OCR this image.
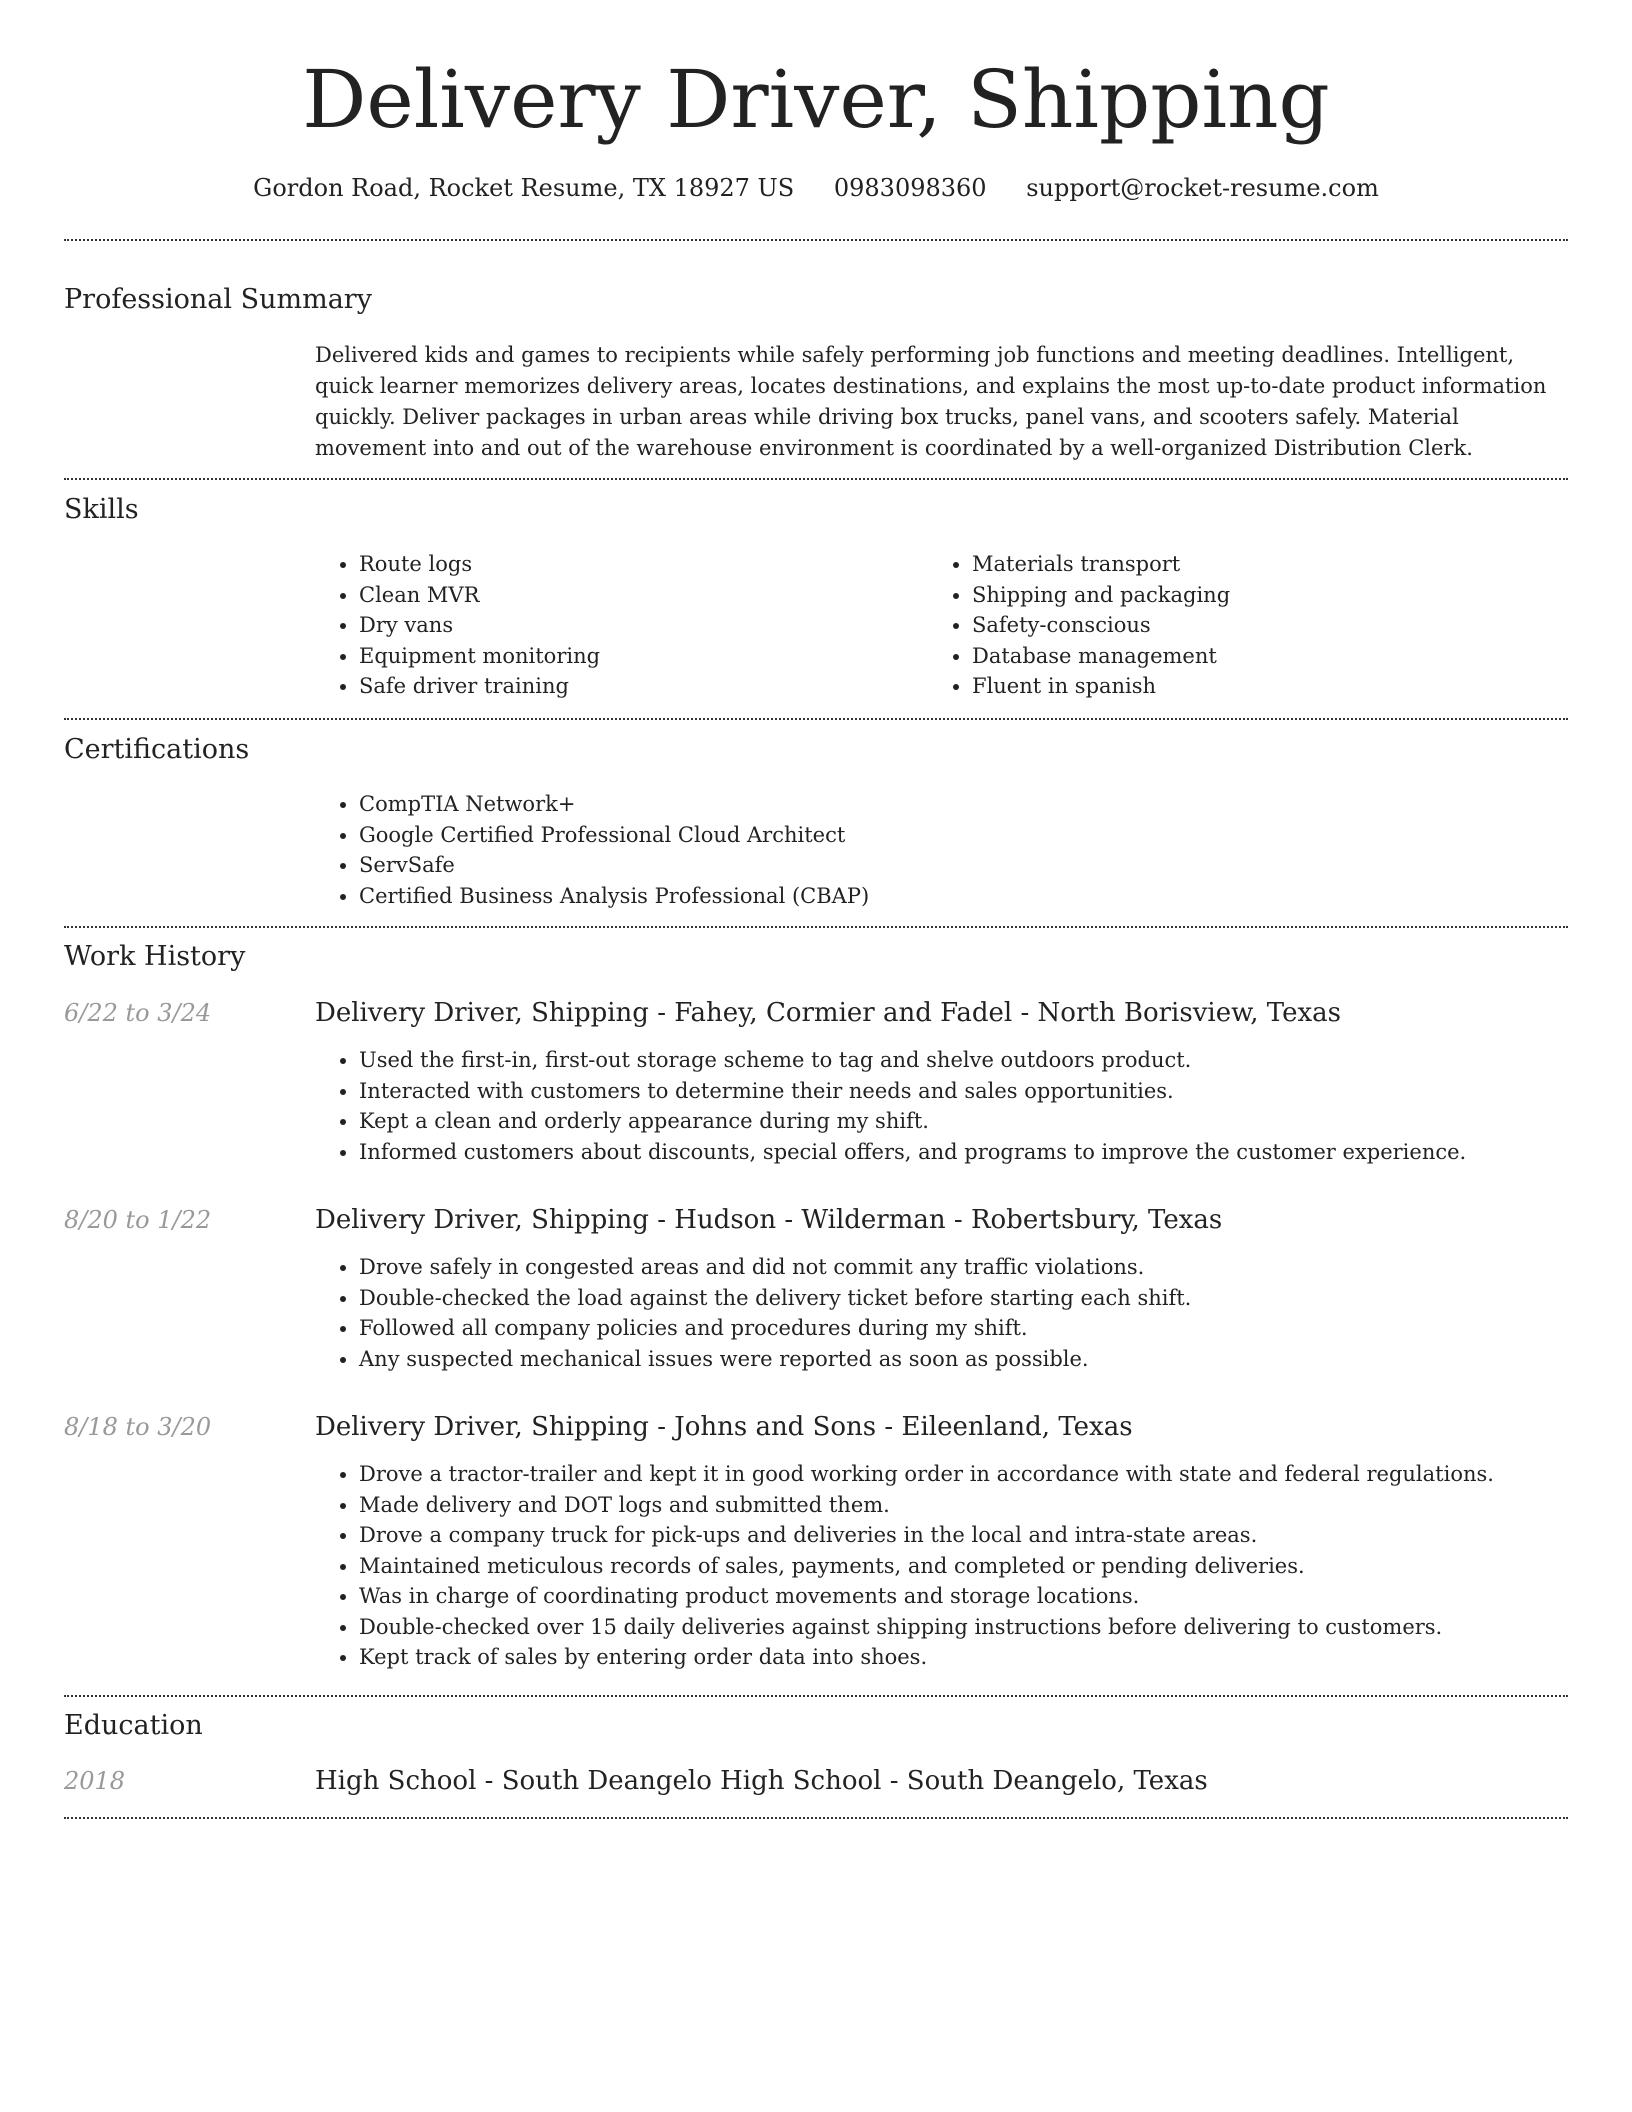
Delivery Driver, Shipping
Gordon Road, Rocket Resume, TX 18927 US 0983098360 support@rocket-resume.com
Professional Summary
Delivered kids and games to recipients while safely performing job functions and meeting deadlines. Intelligent, quick learner memorizes delivery areas, locates destinations, and explains the most up-to-date product information quickly. Deliver packages in urban areas while driving box trucks, panel vans, and scooters safely. Material movement into and out of the warehouse environment is coordinated by a well-organized Distribution Clerk.
Skills
• Route logs
• Clean MVR
• Dry vans
• Equipment monitoring
• Safe driver training
• Materials transport
• Shipping and packaging
• Safety-conscious
• Database management
• Fluent in spanish
Certifications
• CompTIA Network+
• Google Certified Professional Cloud Architect
• ServSafe
• Certified Business Analysis Professional (CBAP)
Work History
6/22 to 3/24	Delivery Driver, Shipping - Fahey, Cormier and Fadel - North Borisview, Texas
• Used the first-in, first-out storage scheme to tag and shelve outdoors product.
• Interacted with customers to determine their needs and sales opportunities.
• Kept a clean and orderly appearance during my shift.
• Informed customers about discounts, special offers, and programs to improve the customer experience.
8/20 to 1/22	Delivery Driver, Shipping - Hudson - Wilderman - Robertsbury, Texas
• Drove safely in congested areas and did not commit any traffic violations.
• Double-checked the load against the delivery ticket before starting each shift.
• Followed all company policies and procedures during my shift.
• Any suspected mechanical issues were reported as soon as possible.
8/18 to 3/20	Delivery Driver, Shipping - Johns and Sons - Eileenland, Texas
• Drove a tractor-trailer and kept it in good working order in accordance with state and federal regulations.
• Made delivery and DOT logs and submitted them.
• Drove a company truck for pick-ups and deliveries in the local and intra-state areas.
• Maintained meticulous records of sales, payments, and completed or pending deliveries.
• Was in charge of coordinating product movements and storage locations.
• Double-checked over 15 daily deliveries against shipping instructions before delivering to customers.
• Kept track of sales by entering order data into shoes.
Education
2018	High School - South Deangelo High School - South Deangelo, Texas
